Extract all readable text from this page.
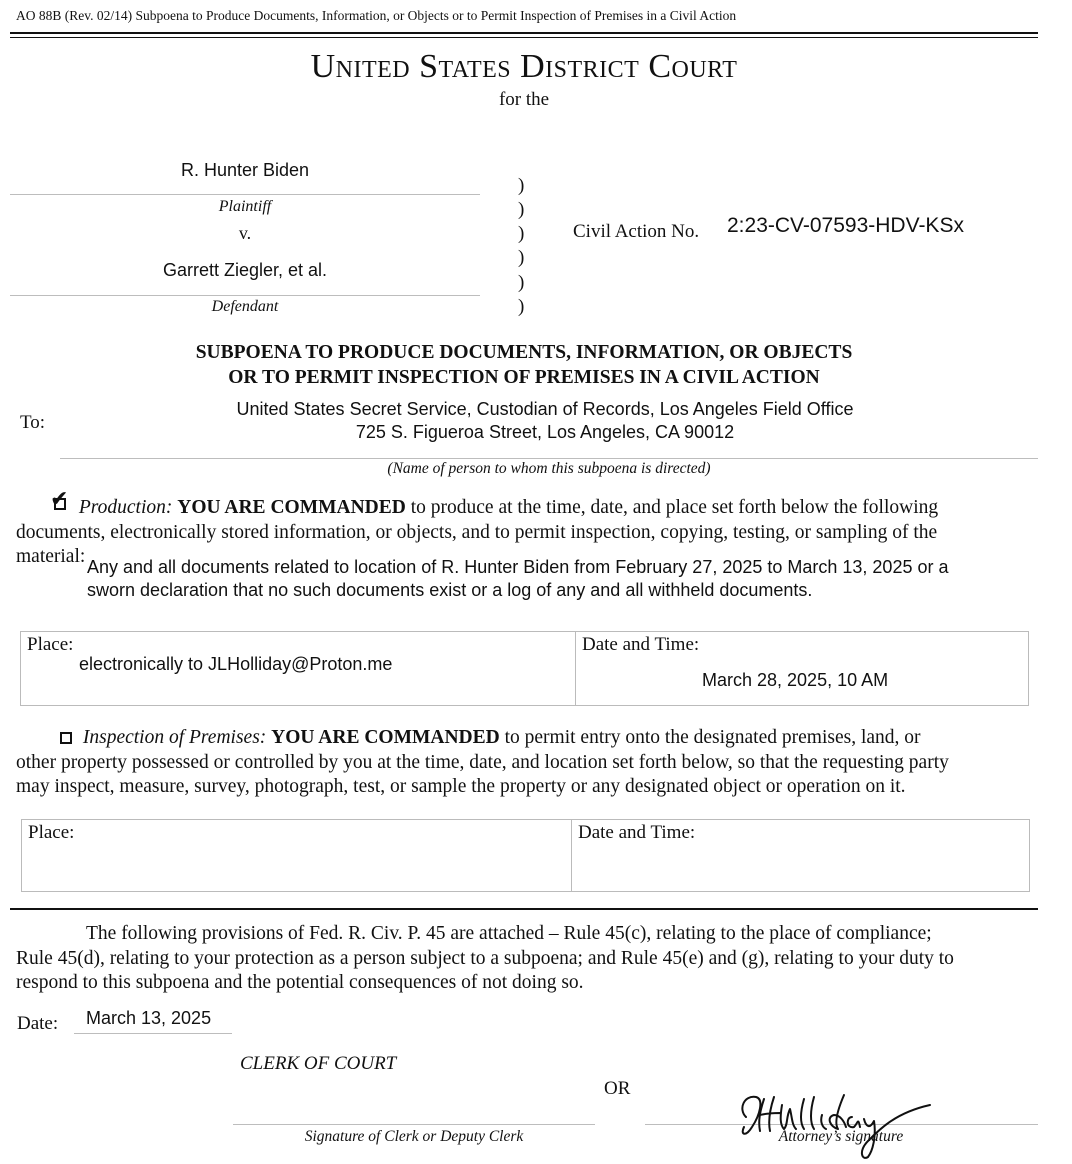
AO 88B (Rev. 02/14) Subpoena to Produce Documents, Information, or Objects or to Permit Inspection of Premises in a Civil Action
United States District Court
for the
R. Hunter Biden
Plaintiff
v.
Garrett Ziegler, et al.
Defendant
)
)
)
)
)
)
Civil Action No. 2:23-CV-07593-HDV-KSx
SUBPOENA TO PRODUCE DOCUMENTS, INFORMATION, OR OBJECTS
OR TO PERMIT INSPECTION OF PREMISES IN A CIVIL ACTION
To:
United States Secret Service, Custodian of Records, Los Angeles Field Office
725 S. Figueroa Street, Los Angeles, CA 90012
(Name of person to whom this subpoena is directed)
✔ Production: YOU ARE COMMANDED to produce at the time, date, and place set forth below the following
documents, electronically stored information, or objects, and to permit inspection, copying, testing, or sampling of the
material: Any and all documents related to location of R. Hunter Biden from February 27, 2025 to March 13, 2025 or a
sworn declaration that no such documents exist or a log of any and all withheld documents.
Place:
electronically to JLHolliday@Proton.me
Date and Time:
March 28, 2025, 10 AM
Inspection of Premises: YOU ARE COMMANDED to permit entry onto the designated premises, land, or
other property possessed or controlled by you at the time, date, and location set forth below, so that the requesting party
may inspect, measure, survey, photograph, test, or sample the property or any designated object or operation on it.
Place:	Date and Time:
The following provisions of Fed. R. Civ. P. 45 are attached – Rule 45(c), relating to the place of compliance;
Rule 45(d), relating to your protection as a person subject to a subpoena; and Rule 45(e) and (g), relating to your duty to
respond to this subpoena and the potential consequences of not doing so.
Date: March 13, 2025
CLERK OF COURT
OR
Signature of Clerk or Deputy Clerk	Attorney’s signature
